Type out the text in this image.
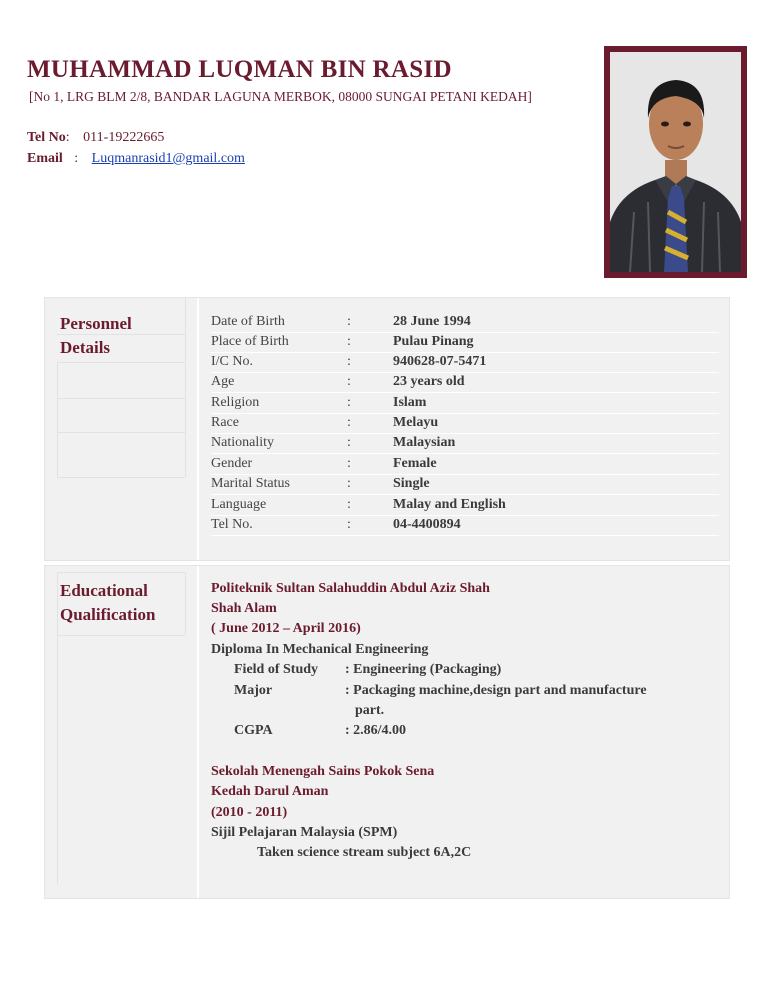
MUHAMMAD LUQMAN BIN RASID
[No 1, LRG BLM 2/8, BANDAR LAGUNA MERBOK, 08000 SUNGAI PETANI KEDAH]
Tel No: 011-19222665
Email : Luqmanrasid1@gmail.com
Personnel
Details
Date of Birth	:	28 June 1994
Place of Birth	:	Pulau Pinang
I/C No.	:	940628-07-5471
Age	:	23 years old
Religion	:	Islam
Race	:	Melayu
Nationality	:	Malaysian
Gender	:	Female
Marital Status	:	Single
Language	:	Malay and English
Tel No.	:	04-4400894
Educational
Qualification
Politeknik Sultan Salahuddin Abdul Aziz Shah
Shah Alam
( June 2012 – April 2016)
Diploma In Mechanical Engineering
Field of Study : Engineering (Packaging)
Major	: Packaging machine,design part and manufacture
part.
CGPA	: 2.86/4.00
Sekolah Menengah Sains Pokok Sena
Kedah Darul Aman
(2010 - 2011)
Sijil Pelajaran Malaysia (SPM)
Taken science stream subject 6A,2C
